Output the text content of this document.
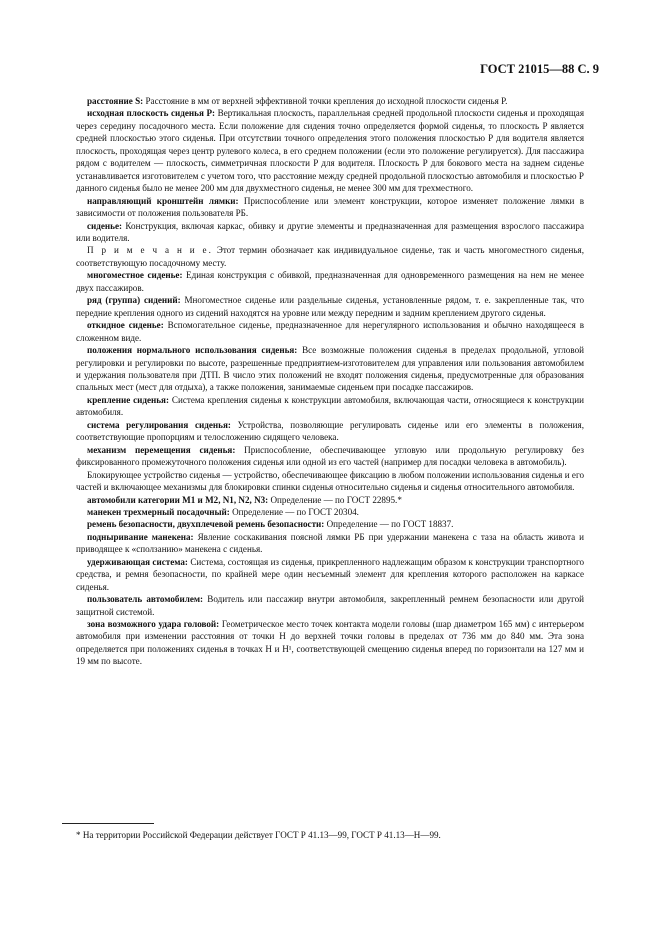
ГОСТ 21015—88 С. 9

расстояние S: Расстояние в мм от верхней эффективной точки крепления до исходной плоскости сиденья P.

исходная плоскость сиденья P: Вертикальная плоскость, параллельная средней продольной плоскости сиденья и проходящая через середину посадочного места. Если положение для сидения точно определяется формой сиденья, то плоскость P является средней плоскостью этого сиденья. При отсутствии точного определения этого положения плоскостью P для водителя является плоскость, проходящая через центр рулевого колеса, в его среднем положении (если это положение регулируется). Для пассажира рядом с водителем — плоскость, симметричная плоскости P для водителя. Плоскость P для бокового места на заднем сиденье устанавливается изготовителем с учетом того, что расстояние между средней продольной плоскостью автомобиля и плоскостью P данного сиденья было не менее 200 мм для двухместного сиденья, не менее 300 мм для трехместного.

направляющий кронштейн лямки: Приспособление или элемент конструкции, которое изменяет положение лямки в зависимости от положения пользователя РБ.

сиденье: Конструкция, включая каркас, обивку и другие элементы и предназначенная для размещения взрослого пассажира или водителя.

П р и м е ч а н и е. Этот термин обозначает как индивидуальное сиденье, так и часть многоместного сиденья, соответствующую посадочному месту.

многоместное сиденье: Единая конструкция с обивкой, предназначенная для одновременного размещения на нем не менее двух пассажиров.

ряд (группа) сидений: Многоместное сиденье или раздельные сиденья, установленные рядом, т. е. закрепленные так, что передние крепления одного из сидений находятся на уровне или между передним и задним креплением другого сиденья.

откидное сиденье: Вспомогательное сиденье, предназначенное для нерегулярного использования и обычно находящееся в сложенном виде.

положения нормального использования сиденья: Все возможные положения сиденья в пределах продольной, угловой регулировки и регулировки по высоте, разрешенные предприятием-изготовителем для управления или пользования автомобилем и удержания пользователя при ДТП. В число этих положений не входят положения сиденья, предусмотренные для образования спальных мест (мест для отдыха), а также положения, занимаемые сиденьем при посадке пассажиров.

крепление сиденья: Система крепления сиденья к конструкции автомобиля, включающая части, относящиеся к конструкции автомобиля.

система регулирования сиденья: Устройства, позволяющие регулировать сиденье или его элементы в положения, соответствующие пропорциям и телосложению сидящего человека.

механизм перемещения сиденья: Приспособление, обеспечивающее угловую или продольную регулировку без фиксированного промежуточного положения сиденья или одной из его частей (например для посадки человека в автомобиль).

Блокирующее устройство сиденья — устройство, обеспечивающее фиксацию в любом положении использования сиденья и его частей и включающее механизмы для блокировки спинки сиденья относительно сиденья и сиденья относительного автомобиля.

автомобили категории M1 и M2, N1, N2, N3: Определение — по ГОСТ 22895.*

манекен трехмерный посадочный: Определение — по ГОСТ 20304.

ремень безопасности, двухплечевой ремень безопасности: Определение — по ГОСТ 18837.

подныривание манекена: Явление соскакивания поясной лямки РБ при удержании манекена с таза на область живота и приводящее к «сползанию» манекена с сиденья.

удерживающая система: Система, состоящая из сиденья, прикрепленного надлежащим образом к конструкции транспортного средства, и ремня безопасности, по крайней мере один несъемный элемент для крепления которого расположен на каркасе сиденья.

пользователь автомобилем: Водитель или пассажир внутри автомобиля, закрепленный ремнем безопасности или другой защитной системой.

зона возможного удара головой: Геометрическое место точек контакта модели головы (шар диаметром 165 мм) с интерьером автомобиля при изменении расстояния от точки H до верхней точки головы в пределах от 736 мм до 840 мм. Эта зона определяется при положениях сиденья в точках H и H¹, соответствующей смещению сиденья вперед по горизонтали на 127 мм и 19 мм по высоте.

* На территории Российской Федерации действует ГОСТ Р 41.13—99, ГОСТ Р 41.13—Н—99.
